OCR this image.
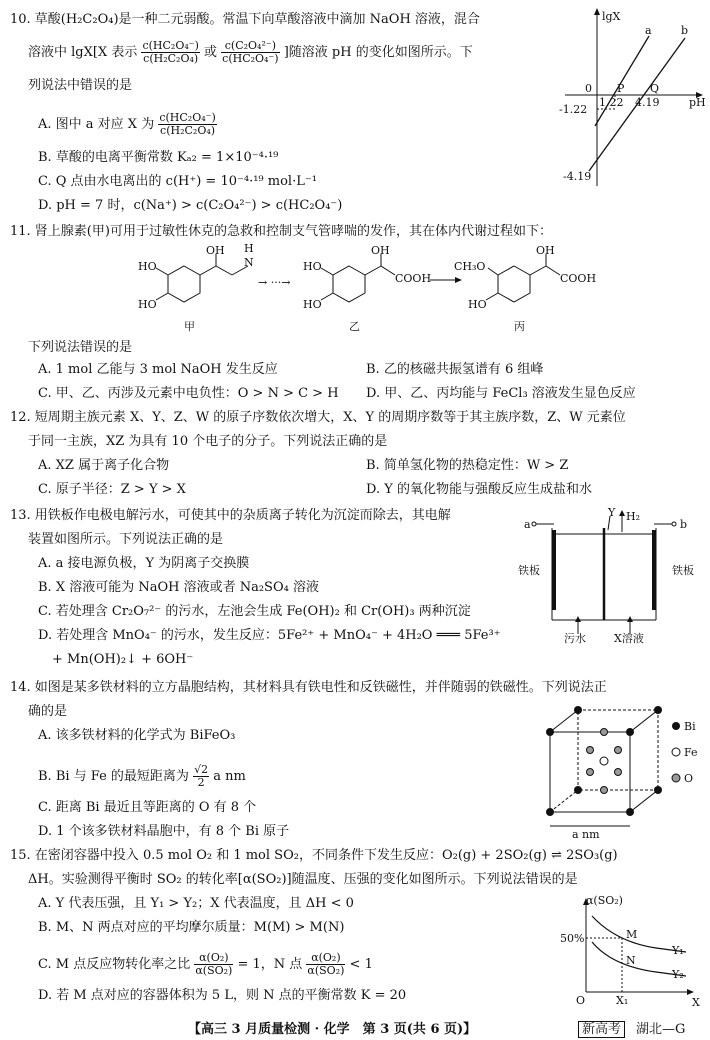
10. 草酸(H₂C₂O₄)是一种二元弱酸。常温下向草酸溶液中滴加 NaOH 溶液，混合
溶液中 lgX[X 表示 $\frac{\text{c(HC₂O₄⁻)}}{\text{c(H₂C₂O₄)}}$ 或 $\frac{\text{c(C₂O₄²⁻)}}{\text{c(HC₂O₄⁻)}}$ ]随溶液 pH 的变化如图所示。下
列说法中错误的是
A. 图中 a 对应 X 为 $\frac{\text{c(HC₂O₄⁻)}}{\text{c(H₂C₂O₄)}}$
B. 草酸的电离平衡常数 Kₐ₂ = 1×10⁻⁴·¹⁹
C. Q 点由水电离出的 c(H⁺) = 10⁻⁴·¹⁹ mol·L⁻¹
D. pH = 7 时，c(Na⁺) > c(C₂O₄²⁻) > c(HC₂O₄⁻)
lgX
pH
a	b
P Q
1.22 4.19
0
-1.22
-4.19
11. 肾上腺素(甲)可用于过敏性休克的急救和控制支气管哮喘的发作，其在体内代谢过程如下：
HO
HO
OH
N
H
甲
→ ···→
HO
HO
OH
COOH
乙
CH₃O
HO
OH
COOH
丙
下列说法错误的是
A. 1 mol 乙能与 3 mol NaOH 发生反应	B. 乙的核磁共振氢谱有 6 组峰
C. 甲、乙、丙涉及元素中电负性：O > N > C > H D. 甲、乙、丙均能与 FeCl₃ 溶液发生显色反应
12. 短周期主族元素 X、Y、Z、W 的原子序数依次增大，X、Y 的周期序数等于其主族序数，Z、W 元素位
于同一主族，XZ 为具有 10 个电子的分子。下列说法正确的是
A. XZ 属于离子化合物	B. 简单氢化物的热稳定性：W > Z
C. 原子半径：Z > Y > X	D. Y 的氧化物能与强酸反应生成盐和水
13. 用铁板作电极电解污水，可使其中的杂质离子转化为沉淀而除去，其电解
装置如图所示。下列说法正确的是
A. a 接电源负极，Y 为阴离子交换膜
B. X 溶液可能为 NaOH 溶液或者 Na₂SO₄ 溶液
C. 若处理含 Cr₂O₇²⁻ 的污水，左池会生成 Fe(OH)₂ 和 Cr(OH)₃ 两种沉淀
D. 若处理含 MnO₄⁻ 的污水，发生反应：5Fe²⁺ + MnO₄⁻ + 4H₂O ═══ 5Fe³⁺
+ Mn(OH)₂↓ + 6OH⁻
a	b
Y H₂
铁板	铁板
污水	X溶液
14. 如图是某多铁材料的立方晶胞结构，其材料具有铁电性和反铁磁性，并伴随弱的铁磁性。下列说法正
确的是
A. 该多铁材料的化学式为 BiFeO₃
B. Bi 与 Fe 的最短距离为 $\frac{√2}{2}$ a nm
C. 距离 Bi 最近且等距离的 O 有 8 个
D. 1 个该多铁材料晶胞中，有 8 个 Bi 原子	a nm
Bi
Fe
O
15. 在密闭容器中投入 0.5 mol O₂ 和 1 mol SO₂，不同条件下发生反应：O₂(g) + 2SO₂(g) ⇌ 2SO₃(g)
ΔH。实验测得平衡时 SO₂ 的转化率[α(SO₂)]随温度、压强的变化如图所示。下列说法错误的是
A. Y 代表压强，且 Y₁ > Y₂；X 代表温度，且 ΔH < 0
B. M、N 两点对应的平均摩尔质量：M(M) > M(N)
C. M 点反应物转化率之比 $\frac{\text{α(O₂)}}{\text{α(SO₂)}} = 1$，N 点 $\frac{\text{α(O₂)}}{\text{α(SO₂)}} < 1$
D. 若 M 点对应的容器体积为 5 L，则 N 点的平衡常数 K = 20
α(SO₂)
X
O
50%	M
N
Y₁
Y₂
X₁
【高三 3 月质量检测 · 化学　第 3 页(共 6 页)】	新高考	湖北—G
